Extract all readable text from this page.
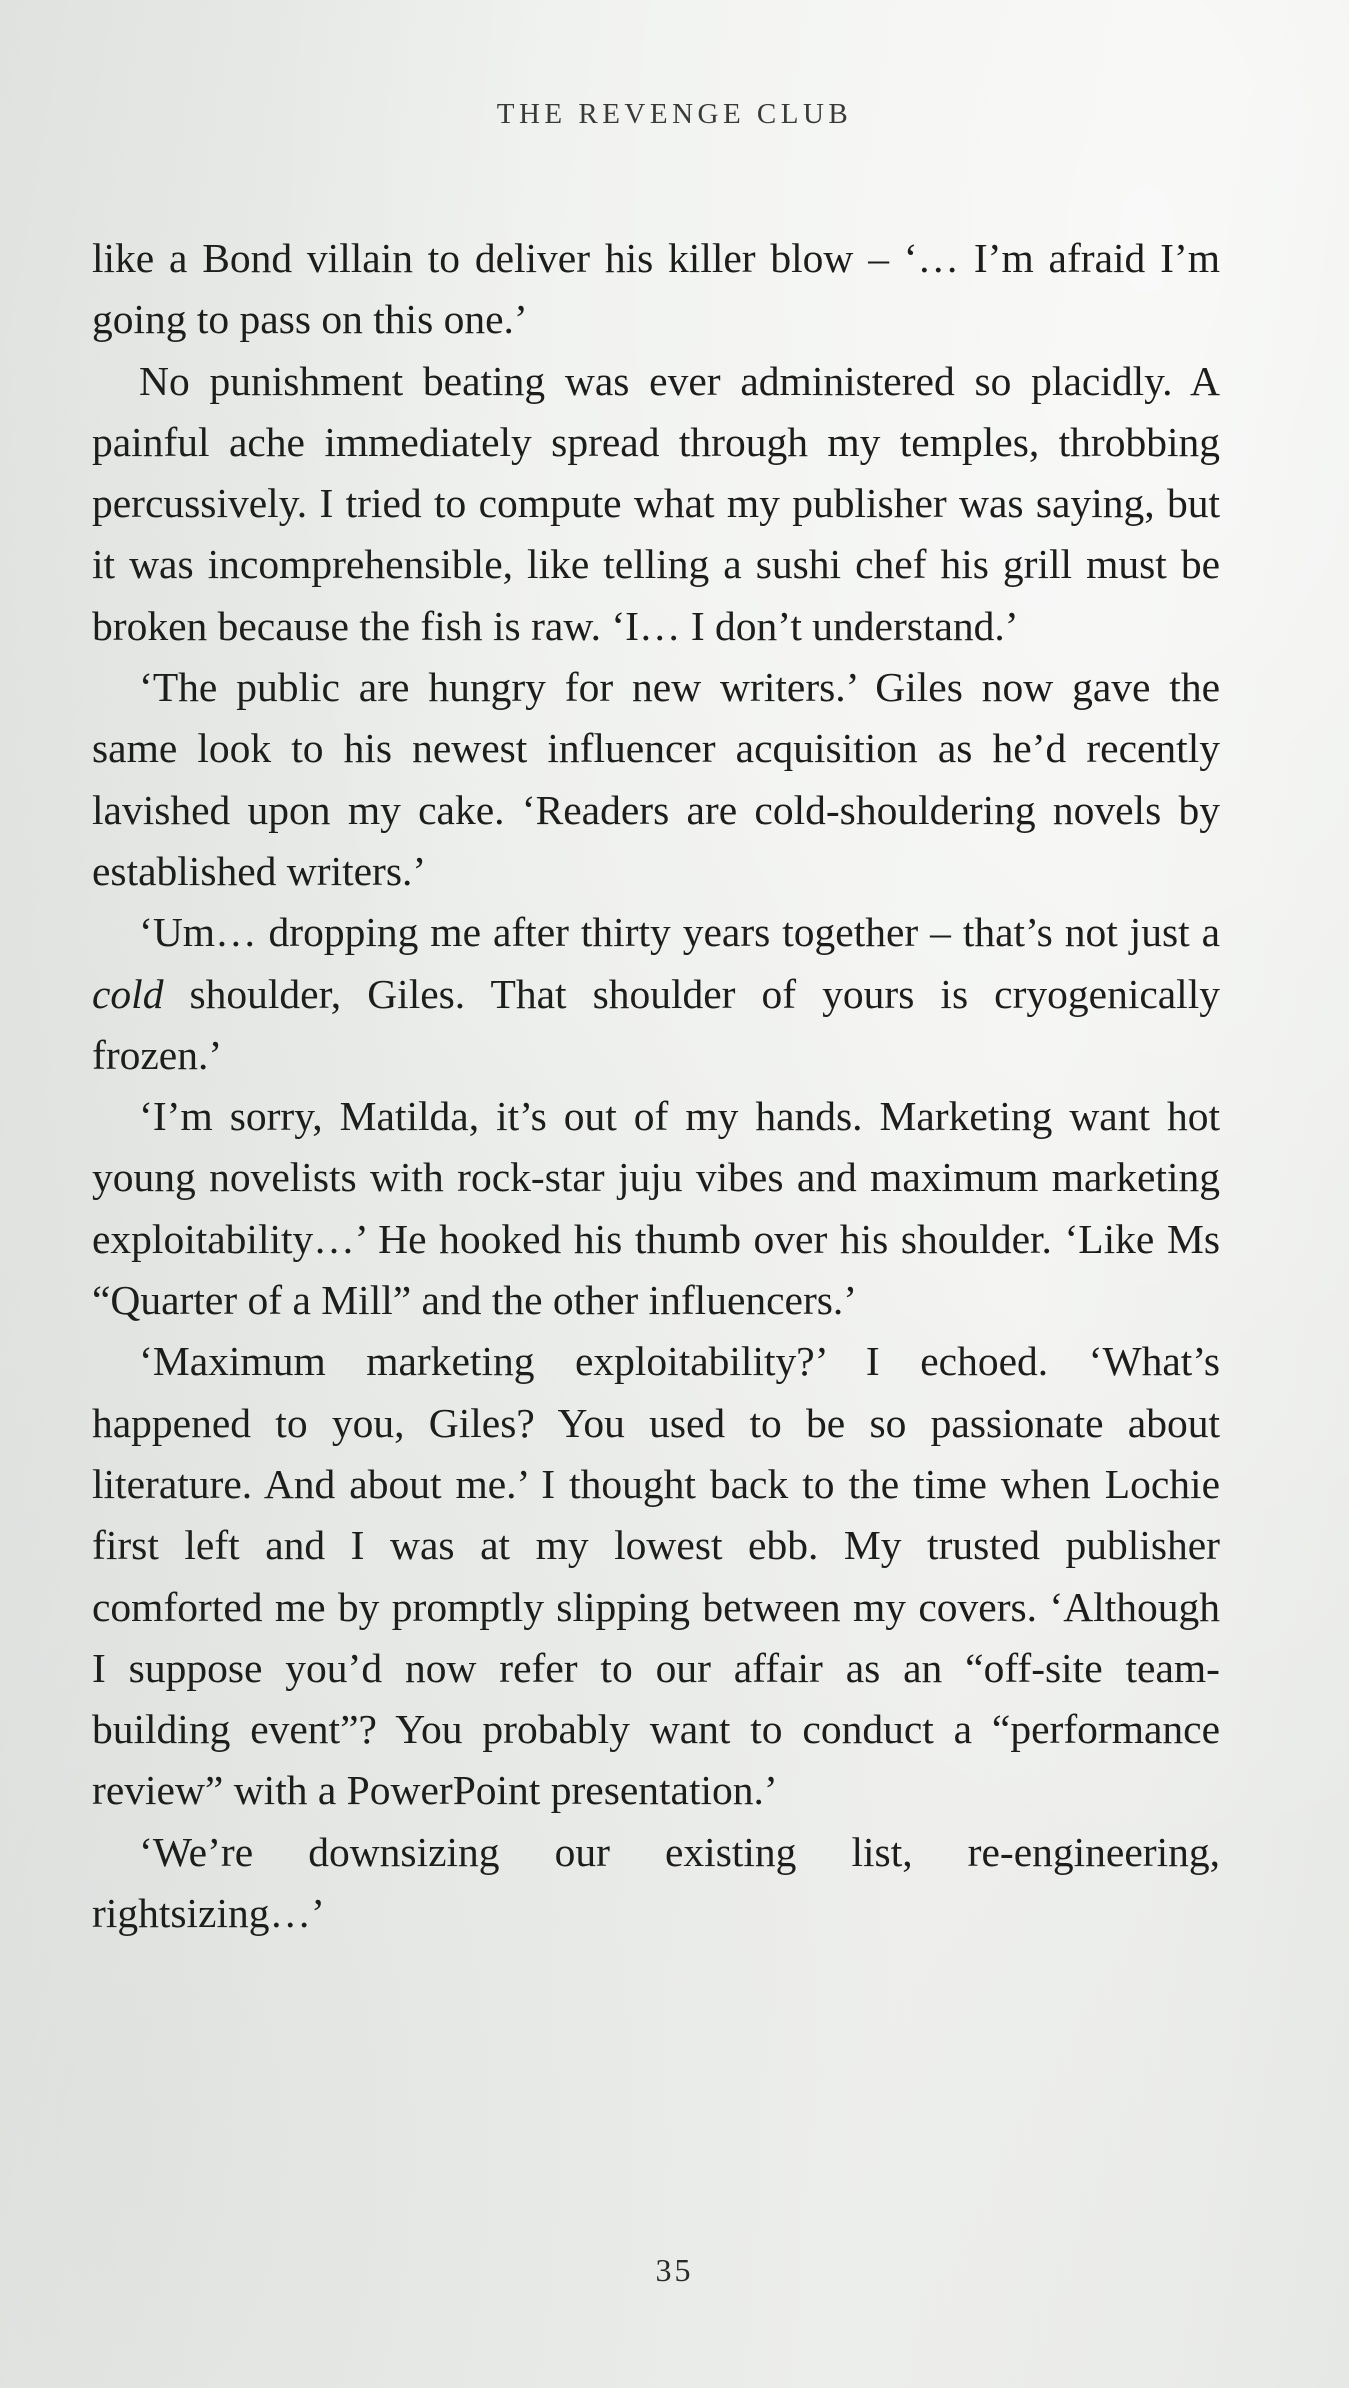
THE REVENGE CLUB

like a Bond villain to deliver his killer blow – ‘… I’m afraid I’m going to pass on this one.’

No punishment beating was ever administered so placidly. A painful ache immediately spread through my temples, throbbing percussively. I tried to compute what my publisher was saying, but it was incomprehensible, like telling a sushi chef his grill must be broken because the fish is raw. ‘I… I don’t understand.’

‘The public are hungry for new writers.’ Giles now gave the same look to his newest influencer acquisition as he’d recently lavished upon my cake. ‘Readers are cold-shouldering novels by established writers.’

‘Um… dropping me after thirty years together – that’s not just a cold shoulder, Giles. That shoulder of yours is cryogenically frozen.’

‘I’m sorry, Matilda, it’s out of my hands. Marketing want hot young novelists with rock-star juju vibes and maximum marketing exploitability…’ He hooked his thumb over his shoulder. ‘Like Ms “Quarter of a Mill” and the other influencers.’

‘Maximum marketing exploitability?’ I echoed. ‘What’s happened to you, Giles? You used to be so passionate about literature. And about me.’ I thought back to the time when Lochie first left and I was at my lowest ebb. My trusted publisher comforted me by promptly slipping between my covers. ‘Although I suppose you’d now refer to our affair as an “off-site team-building event”? You probably want to conduct a “performance review” with a PowerPoint presentation.’

‘We’re downsizing our existing list, re-engineering, rightsizing…’

35
